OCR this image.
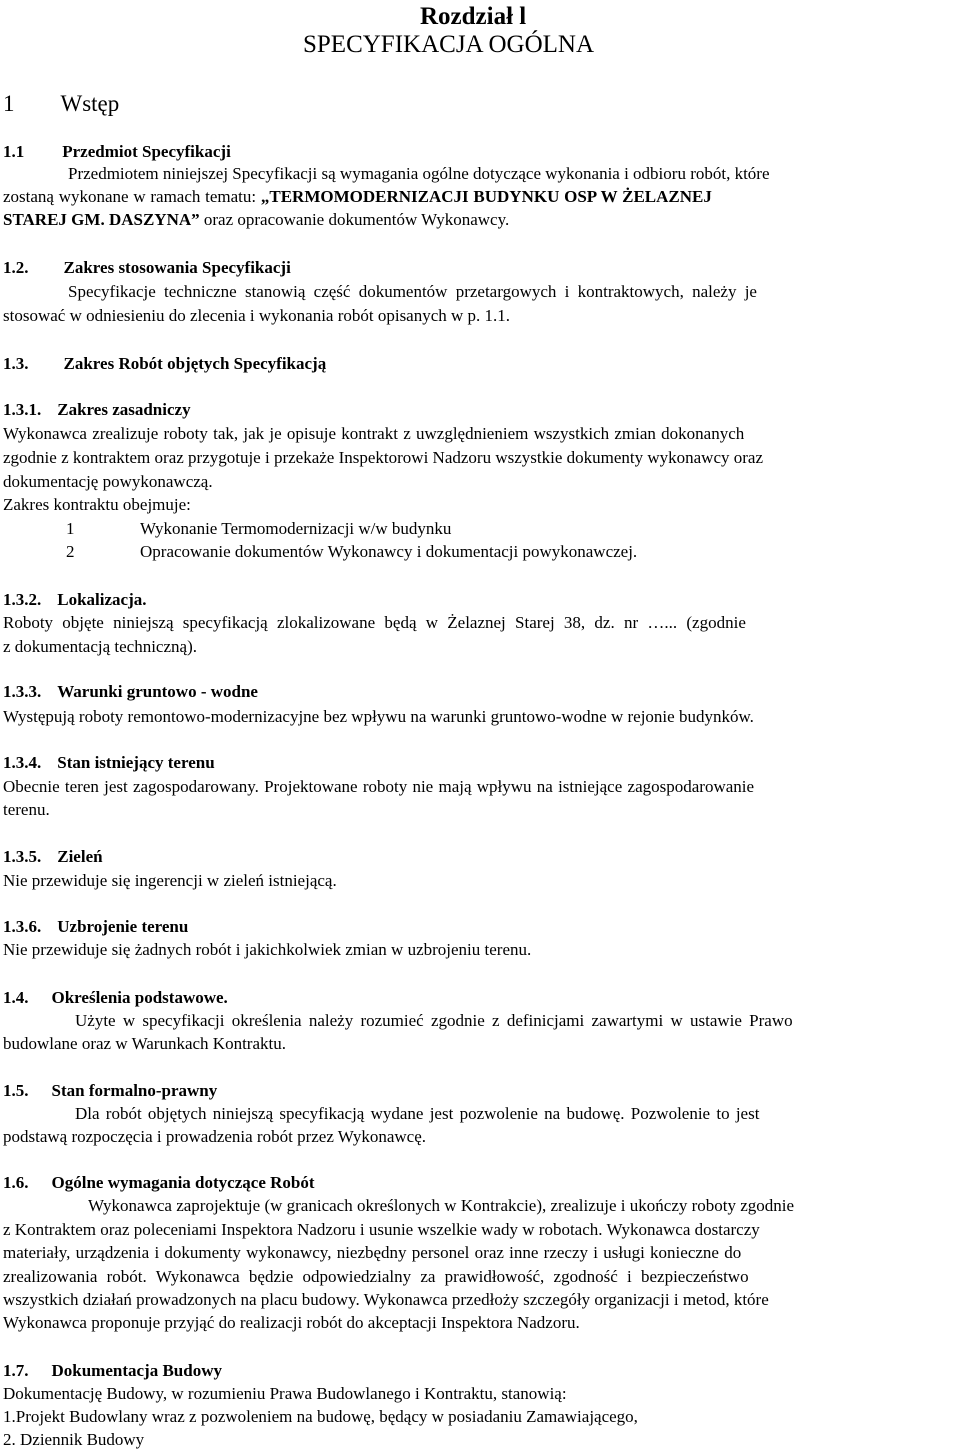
Rozdział l
SPECYFIKACJA OGÓLNA
1 Wstęp
1.1 Przedmiot Specyfikacji
Przedmiotem niniejszej Specyfikacji są wymagania ogólne dotyczące wykonania i odbioru robót, które
zostaną wykonane w ramach tematu: „TERMOMODERNIZACJI BUDYNKU OSP W ŻELAZNEJ
STAREJ GM. DASZYNA” oraz opracowanie dokumentów Wykonawcy.
1.2. Zakres stosowania Specyfikacji
Specyfikacje techniczne stanowią część dokumentów przetargowych i kontraktowych, należy je
stosować w odniesieniu do zlecenia i wykonania robót opisanych w p. 1.1.
1.3. Zakres Robót objętych Specyfikacją
1.3.1. Zakres zasadniczy
Wykonawca zrealizuje roboty tak, jak je opisuje kontrakt z uwzględnieniem wszystkich zmian dokonanych
zgodnie z kontraktem oraz przygotuje i przekaże Inspektorowi Nadzoru wszystkie dokumenty wykonawcy oraz
dokumentację powykonawczą.
Zakres kontraktu obejmuje:
1	Wykonanie Termomodernizacji w/w budynku
2	Opracowanie dokumentów Wykonawcy i dokumentacji powykonawczej.
1.3.2. Lokalizacja.
Roboty objęte niniejszą specyfikacją zlokalizowane będą w Żelaznej Starej 38, dz. nr …... (zgodnie
z dokumentacją techniczną).
1.3.3. Warunki gruntowo - wodne
Występują roboty remontowo-modernizacyjne bez wpływu na warunki gruntowo-wodne w rejonie budynków.
1.3.4. Stan istniejący terenu
Obecnie teren jest zagospodarowany. Projektowane roboty nie mają wpływu na istniejące zagospodarowanie
terenu.
1.3.5. Zieleń
Nie przewiduje się ingerencji w zieleń istniejącą.
1.3.6. Uzbrojenie terenu
Nie przewiduje się żadnych robót i jakichkolwiek zmian w uzbrojeniu terenu.
1.4. Określenia podstawowe.
Użyte w specyfikacji określenia należy rozumieć zgodnie z definicjami zawartymi w ustawie Prawo
budowlane oraz w Warunkach Kontraktu.
1.5. Stan formalno-prawny
Dla robót objętych niniejszą specyfikacją wydane jest pozwolenie na budowę. Pozwolenie to jest
podstawą rozpoczęcia i prowadzenia robót przez Wykonawcę.
1.6. Ogólne wymagania dotyczące Robót
Wykonawca zaprojektuje (w granicach określonych w Kontrakcie), zrealizuje i ukończy roboty zgodnie
z Kontraktem oraz poleceniami Inspektora Nadzoru i usunie wszelkie wady w robotach. Wykonawca dostarczy
materiały, urządzenia i dokumenty wykonawcy, niezbędny personel oraz inne rzeczy i usługi konieczne do
zrealizowania robót. Wykonawca będzie odpowiedzialny za prawidłowość, zgodność i bezpieczeństwo
wszystkich działań prowadzonych na placu budowy. Wykonawca przedłoży szczegóły organizacji i metod, które
Wykonawca proponuje przyjąć do realizacji robót do akceptacji Inspektora Nadzoru.
1.7. Dokumentacja Budowy
Dokumentację Budowy, w rozumieniu Prawa Budowlanego i Kontraktu, stanowią:
1.Projekt Budowlany wraz z pozwoleniem na budowę, będący w posiadaniu Zamawiającego,
2. Dziennik Budowy
